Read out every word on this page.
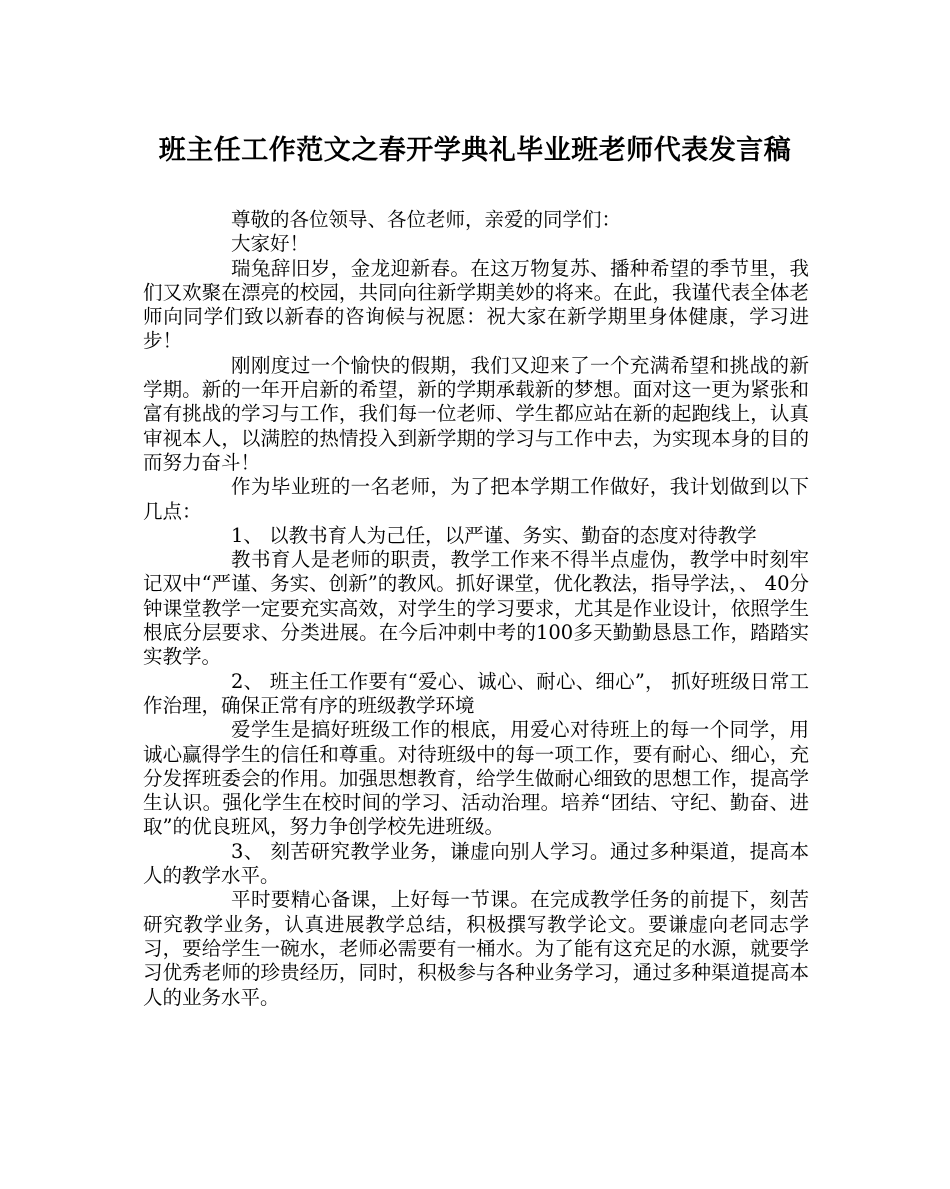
班主任工作范文之春开学典礼毕业班老师代表发言稿

尊敬的各位领导、各位老师，亲爱的同学们：

大家好！

瑞兔辞旧岁，金龙迎新春。在这万物复苏、播种希望的季节里，我们又欢聚在漂亮的校园，共同向往新学期美妙的将来。在此，我谨代表全体老师向同学们致以新春的咨询候与祝愿：祝大家在新学期里身体健康，学习进步！

刚刚度过一个愉快的假期，我们又迎来了一个充满希望和挑战的新学期。新的一年开启新的希望，新的学期承载新的梦想。面对这一更为紧张和富有挑战的学习与工作，我们每一位老师、学生都应站在新的起跑线上，认真审视本人，以满腔的热情投入到新学期的学习与工作中去，为实现本身的目的而努力奋斗！

作为毕业班的一名老师，为了把本学期工作做好，我计划做到以下几点：

1、 以教书育人为己任，以严谨、务实、勤奋的态度对待教学

教书育人是老师的职责，教学工作来不得半点虚伪，教学中时刻牢记双中“严谨、务实、创新”的教风。抓好课堂，优化教法，指导学法，、 40分钟课堂教学一定要充实高效，对学生的学习要求，尤其是作业设计，依照学生根底分层要求、分类进展。在今后冲刺中考的100多天勤勤恳恳工作，踏踏实实教学。

2、 班主任工作要有“爱心、诚心、耐心、细心”， 抓好班级日常工作治理，确保正常有序的班级教学环境

爱学生是搞好班级工作的根底，用爱心对待班上的每一个同学，用诚心赢得学生的信任和尊重。对待班级中的每一项工作，要有耐心、细心，充分发挥班委会的作用。加强思想教育，给学生做耐心细致的思想工作，提高学生认识。强化学生在校时间的学习、活动治理。培养“团结、守纪、勤奋、进取”的优良班风，努力争创学校先进班级。

3、 刻苦研究教学业务，谦虚向别人学习。通过多种渠道，提高本人的教学水平。

平时要精心备课，上好每一节课。在完成教学任务的前提下，刻苦研究教学业务，认真进展教学总结，积极撰写教学论文。要谦虚向老同志学习，要给学生一碗水，老师必需要有一桶水。为了能有这充足的水源，就要学习优秀老师的珍贵经历，同时，积极参与各种业务学习，通过多种渠道提高本人的业务水平。
